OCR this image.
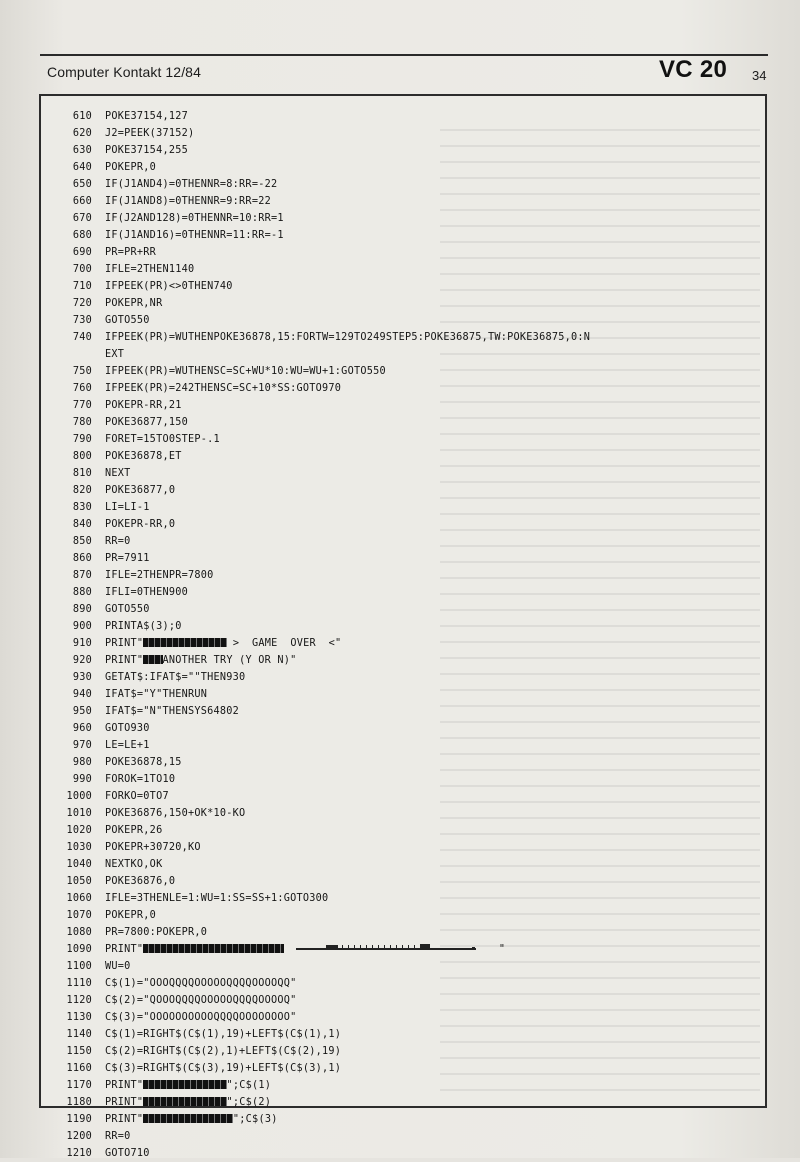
Computer Kontakt 12/84	VC 20 34
610 POKE37154,127
620 J2=PEEK(37152)
630 POKE37154,255
640 POKEPR,0
650 IF(J1AND4)=0THENNR=8:RR=-22
660 IF(J1AND8)=0THENNR=9:RR=22
670 IF(J2AND128)=0THENNR=10:RR=1
680 IF(J1AND16)=0THENNR=11:RR=-1
690 PR=PR+RR
700 IFLE=2THEN1140
710 IFPEEK(PR)<>0THEN740
720 POKEPR,NR
730 GOTO550
740 IFPEEK(PR)=WUTHENPOKE36878,15:FORTW=129TO249STEP5:POKE36875,TW:POKE36875,0:N
EXT
750 IFPEEK(PR)=WUTHENSC=SC+WU*10:WU=WU+1:GOTO550
760 IFPEEK(PR)=242THENSC=SC+10*SS:GOTO970
770 POKEPR-RR,21
780 POKE36877,150
790 FORET=15TO0STEP-.1
800 POKE36878,ET
810 NEXT
820 POKE36877,0
830 LI=LI-1
840 POKEPR-RR,0
850 RR=0
860 PR=7911
870 IFLE=2THENPR=7800
880 IFLI=0THEN900
890 GOTO550
900 PRINTA$(3);0
910 PRINT"	>  GAME  OVER  <"
920 PRINT" ANOTHER TRY (Y OR N)"
930 GETAT$:IFAT$=""THEN930
940 IFAT$="Y"THENRUN
950 IFAT$="N"THENSYS64802
960 GOTO930
970 LE=LE+1
980 POKE36878,15
990 FOROK=1TO10
1000 FORKO=0TO7
1010 POKE36876,150+OK*10-KO
1020 POKEPR,26
1030 POKEPR+30720,KO
1040 NEXTKO,OK
1050 POKE36876,0
1060 IFLE=3THENLE=1:WU=1:SS=SS+1:GOTO300
1070 POKEPR,0
1080 PR=7800:POKEPR,0
1090 PRINT"	"
1100 WU=0
1110 C$(1)="OOOQQQQOOOOOQQQQOOOOQQ"
1120 C$(2)="QOOOQQQQOOOOOQQQQOOOOQ"
1130 C$(3)="OOOOOOOOOOQQQQOOOOOOOO"
1140 C$(1)=RIGHT$(C$(1),19)+LEFT$(C$(1),1)
1150 C$(2)=RIGHT$(C$(2),1)+LEFT$(C$(2),19)
1160 C$(3)=RIGHT$(C$(3),19)+LEFT$(C$(3),1)
1170 PRINT"	";C$(1)
1180 PRINT"	";C$(2)
1190 PRINT"	";C$(3)
1200 RR=0
1210 GOTO710
